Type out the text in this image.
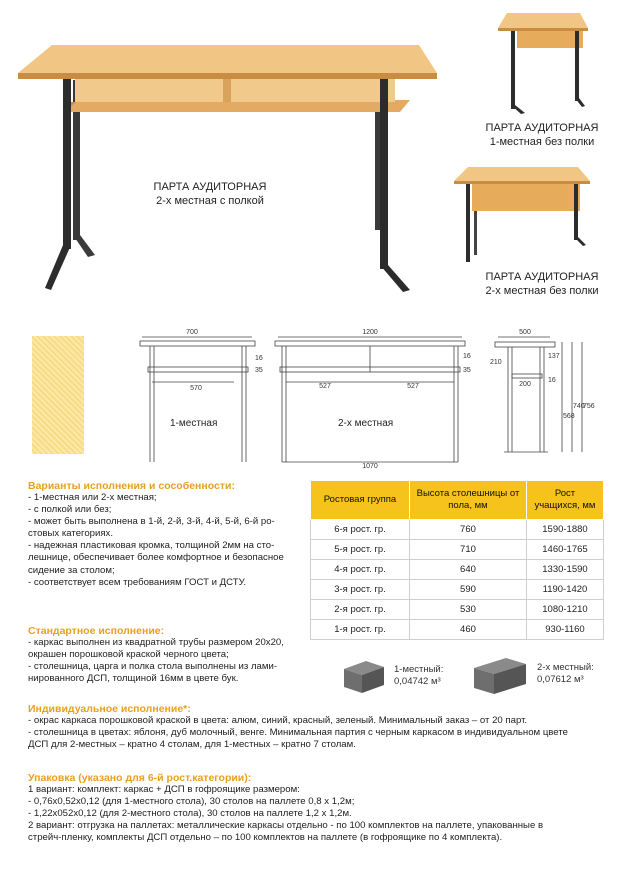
ПАРТА АУДИТОРНАЯ
2-х местная с полкой
ПАРТА АУДИТОРНАЯ
1-местная без полки
ПАРТА АУДИТОРНАЯ
2-х местная без полки
700
570
16
35
1200
527	527
1070
16
35
500
200
210
137
16
568
740
756
1-местная	2-х местная
Варианты исполнения и сособенности:
- 1-местная или 2-х местная;
- с полкой или без;
- может быть выполнена в 1-й, 2-й, 3-й, 4-й, 5-й, 6-й ро-
стовых категориях.
- надежная пластиковая кромка, толщиной 2мм на сто-
лешнице, обеспечивает более комфортное и безопасное
сидение за столом;
- соответствует всем требованиям ГОСТ и ДСТУ.
Стандартное исполнение:
- каркас выполнен из квадратной трубы размером 20х20,
окрашен порошковой краской черного цвета;
- столешница, царга и полка стола выполнены из лами-
нированного ДСП, толщиной 16мм в цвете бук.
Индивидуальное исполнение*:
- окрас каркаса порошковой краской в цвета: алюм, синий, красный, зеленый. Минимальный заказ – от 20 парт.
- столешница в цветах: яблоня, дуб молочный, венге. Минимальная партия с черным каркасом в индивидуальном цвете
ДСП для 2-местных – кратно 4 столам, для 1-местных – кратно 7 столам.
Упаковка (указано для 6-й рост.категории):
1 вариант: комплект: каркас + ДСП в гофроящике размером:
- 0,76х0,52х0,12 (для 1-местного стола), 30 столов на паллете 0,8 х 1,2м;
- 1,22х052х0,12 (для 2-местного стола), 30 столов на паллете 1,2 х 1,2м.
2 вариант: отгрузка на паллетах: металлические каркасы отдельно - по 100 комплектов на паллете, упакованные в
стрейч-пленку, комплекты ДСП отдельно – по 100 комплектов на паллете (в гофроящике по 4 комплекта).
Ростовая группа	Высота столешницы от пола, мм	Рост учащихся, мм
6-я рост. гр.	760	1590-1880
5-я рост. гр.	710	1460-1765
4-я рост. гр.	640	1330-1590
3-я рост. гр.	590	1190-1420
2-я рост. гр.	530	1080-1210
1-я рост. гр.	460	930-1160
1-местный:
0,04742 м³
2-х местный:
0,07612 м³
